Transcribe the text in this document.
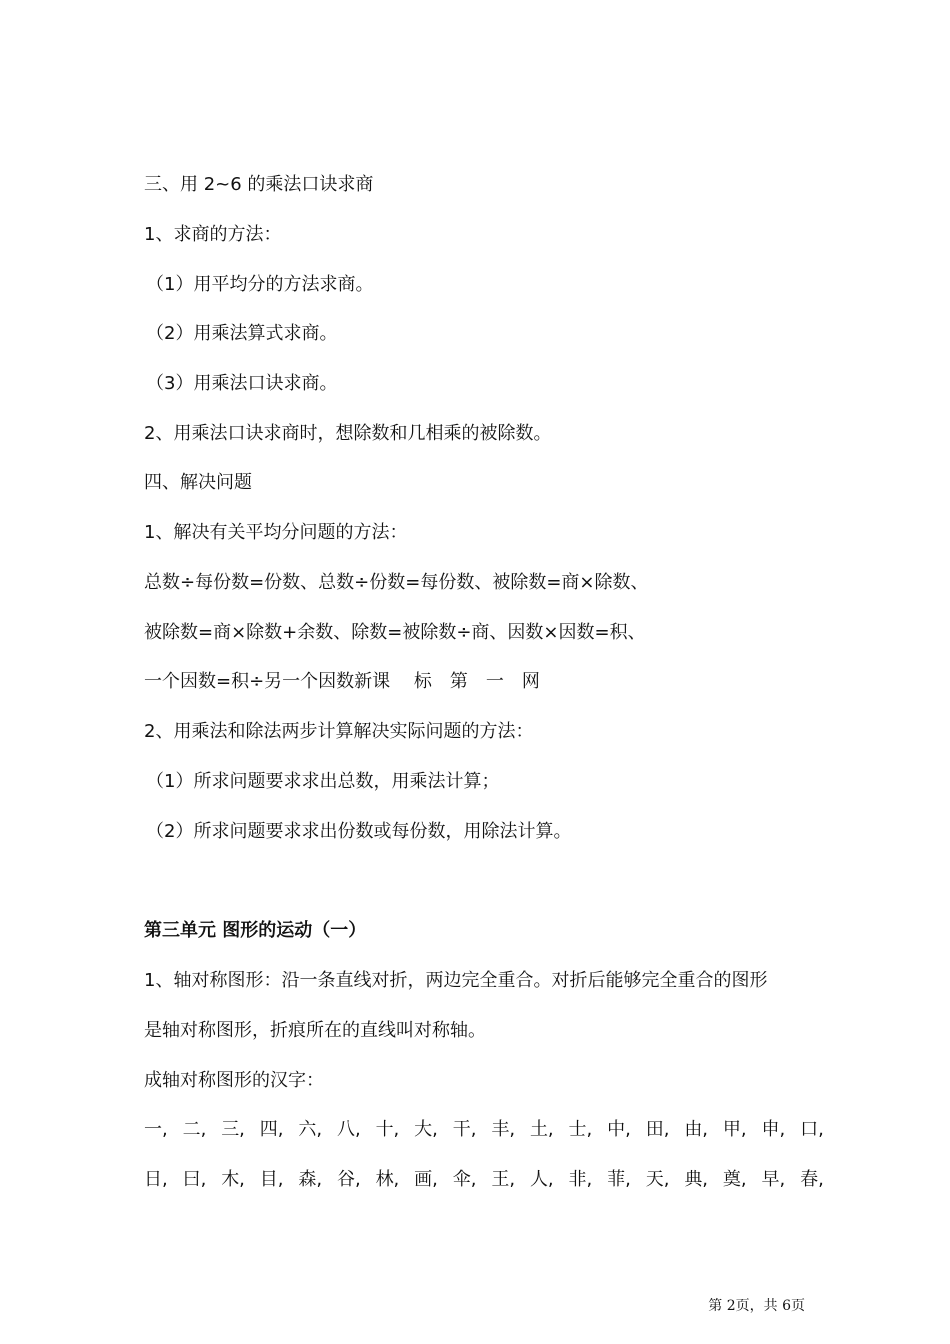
三、用 2~6 的乘法口诀求商
1、求商的方法：
（1）用平均分的方法求商。
（2）用乘法算式求商。
（3）用乘法口诀求商。
2、用乘法口诀求商时，想除数和几相乘的被除数。
四、解决问题
1、解决有关平均分问题的方法：
总数÷每份数=份数、总数÷份数=每份数、被除数=商×除数、
被除数=商×除数+余数、除数=被除数÷商、因数×因数=积、
一个因数=积÷另一个因数新课　 标　第　一　网
2、用乘法和除法两步计算解决实际问题的方法：
（1）所求问题要求求出总数，用乘法计算；
（2）所求问题要求求出份数或每份数，用除法计算。
第三单元 图形的运动（一）
1、轴对称图形：沿一条直线对折，两边完全重合。对折后能够完全重合的图形
是轴对称图形，折痕所在的直线叫对称轴。
成轴对称图形的汉字：
一, 二, 三, 四, 六, 八, 十, 大, 干, 丰, 土, 士, 中, 田, 由, 甲, 申, 口,
日, 曰, 木, 目, 森, 谷, 林, 画, 伞, 王, 人, 非, 菲, 天, 典, 奠, 早, 春,
第 2页，共 6页
